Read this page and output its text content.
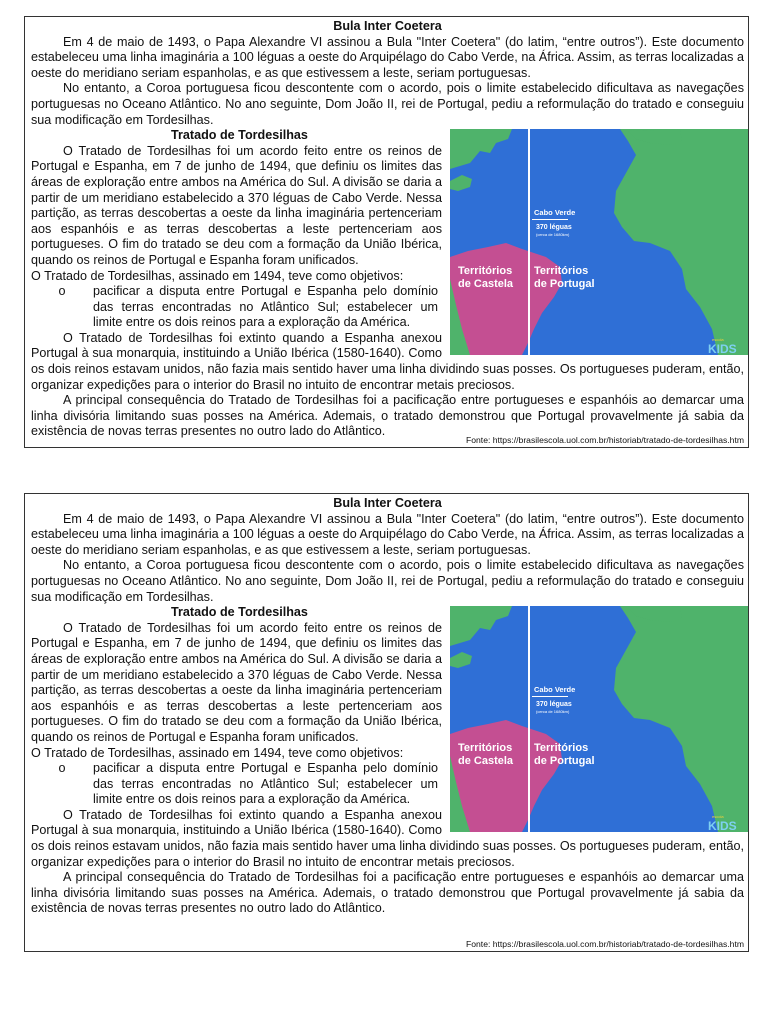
Bula Inter Coetera

Em 4 de maio de 1493, o Papa Alexandre VI assinou a Bula "Inter Coetera" (do latim, “entre outros”). Este documento estabeleceu uma linha imaginária a 100 léguas a oeste do Arquipélago do Cabo Verde, na África. Assim, as terras localizadas a oeste do meridiano seriam espanholas, e as que estivessem a leste, seriam portuguesas.

No entanto, a Coroa portuguesa ficou descontente com o acordo, pois o limite estabelecido dificultava as navegações portuguesas no Oceano Atlântico. No ano seguinte, Dom João II, rei de Portugal, pediu a reformulação do tratado e conseguiu sua modificação em Tordesilhas.

Cabo Verde
370 léguas
(cerca de 1680km)
Territórios
de Castela
Territórios
de Portugal
escola
KIDS
Tratado de Tordesilhas

O Tratado de Tordesilhas foi um acordo feito entre os reinos de Portugal e Espanha, em 7 de junho de 1494, que definiu os limites das áreas de exploração entre ambos na América do Sul. A divisão se daria a partir de um meridiano estabelecido a 370 léguas de Cabo Verde. Nessa partição, as terras descobertas a oeste da linha imaginária pertenceriam aos espanhóis e as terras descobertas a leste pertenceriam aos portugueses. O fim do tratado se deu com a formação da União Ibérica, quando os reinos de Portugal e Espanha foram unificados.

O Tratado de Tordesilhas, assinado em 1494, teve como objetivos:

o	pacificar a disputa entre Portugal e Espanha pelo domínio das terras encontradas no Atlântico Sul; estabelecer um limite entre os dois reinos para a exploração da América.

O Tratado de Tordesilhas foi extinto quando a Espanha anexou Portugal à sua monarquia, instituindo a União Ibérica (1580-1640). Como os dois reinos estavam unidos, não fazia mais sentido haver uma linha dividindo suas posses. Os portugueses puderam, então, organizar expedições para o interior do Brasil no intuito de encontrar metais preciosos.

A principal consequência do Tratado de Tordesilhas foi a pacificação entre portugueses e espanhóis ao demarcar uma linha divisória limitando suas posses na América. Ademais, o tratado demonstrou que Portugal provavelmente já sabia da existência de novas terras presentes no outro lado do Atlântico.

Fonte: https://brasilescola.uol.com.br/historiab/tratado-de-tordesilhas.htm
Bula Inter Coetera

Em 4 de maio de 1493, o Papa Alexandre VI assinou a Bula "Inter Coetera" (do latim, “entre outros”). Este documento estabeleceu uma linha imaginária a 100 léguas a oeste do Arquipélago do Cabo Verde, na África. Assim, as terras localizadas a oeste do meridiano seriam espanholas, e as que estivessem a leste, seriam portuguesas.

No entanto, a Coroa portuguesa ficou descontente com o acordo, pois o limite estabelecido dificultava as navegações portuguesas no Oceano Atlântico. No ano seguinte, Dom João II, rei de Portugal, pediu a reformulação do tratado e conseguiu sua modificação em Tordesilhas.

Cabo Verde
370 léguas
(cerca de 1680km)
Territórios
de Castela
Territórios
de Portugal
escola
KIDS
Tratado de Tordesilhas

O Tratado de Tordesilhas foi um acordo feito entre os reinos de Portugal e Espanha, em 7 de junho de 1494, que definiu os limites das áreas de exploração entre ambos na América do Sul. A divisão se daria a partir de um meridiano estabelecido a 370 léguas de Cabo Verde. Nessa partição, as terras descobertas a oeste da linha imaginária pertenceriam aos espanhóis e as terras descobertas a leste pertenceriam aos portugueses. O fim do tratado se deu com a formação da União Ibérica, quando os reinos de Portugal e Espanha foram unificados.

O Tratado de Tordesilhas, assinado em 1494, teve como objetivos:

o	pacificar a disputa entre Portugal e Espanha pelo domínio das terras encontradas no Atlântico Sul; estabelecer um limite entre os dois reinos para a exploração da América.

O Tratado de Tordesilhas foi extinto quando a Espanha anexou Portugal à sua monarquia, instituindo a União Ibérica (1580-1640). Como os dois reinos estavam unidos, não fazia mais sentido haver uma linha dividindo suas posses. Os portugueses puderam, então, organizar expedições para o interior do Brasil no intuito de encontrar metais preciosos.

A principal consequência do Tratado de Tordesilhas foi a pacificação entre portugueses e espanhóis ao demarcar uma linha divisória limitando suas posses na América. Ademais, o tratado demonstrou que Portugal provavelmente já sabia da existência de novas terras presentes no outro lado do Atlântico.

Fonte: https://brasilescola.uol.com.br/historiab/tratado-de-tordesilhas.htm
